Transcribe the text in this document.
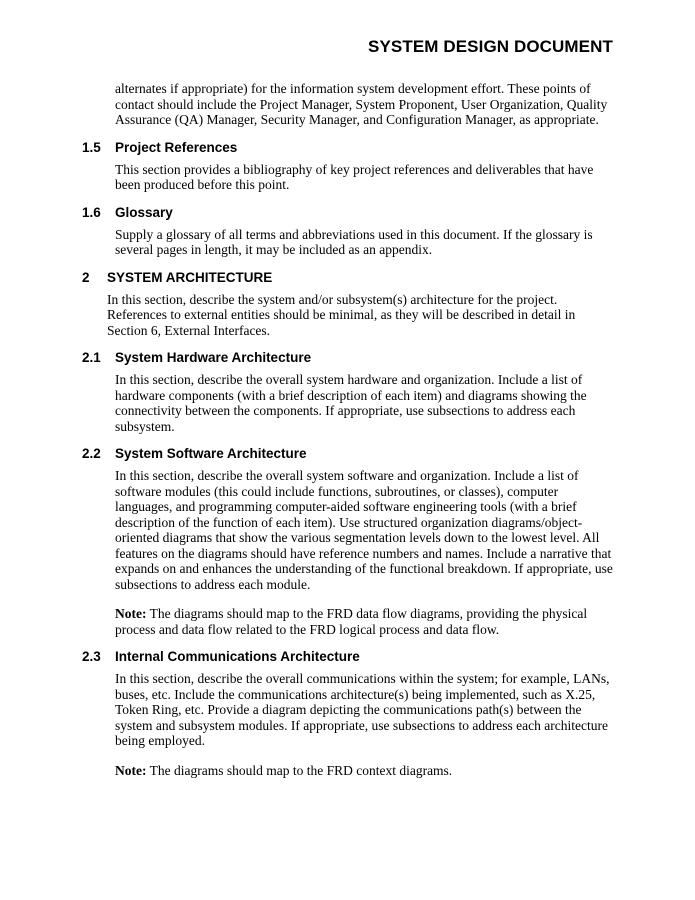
SYSTEM DESIGN DOCUMENT

alternates if appropriate) for the information system development effort. These points of contact should include the Project Manager, System Proponent, User Organization, Quality Assurance (QA) Manager, Security Manager, and Configuration Manager, as appropriate.

1.5	Project References

This section provides a bibliography of key project references and deliverables that have been produced before this point.

1.6	Glossary

Supply a glossary of all terms and abbreviations used in this document. If the glossary is several pages in length, it may be included as an appendix.

2	SYSTEM ARCHITECTURE

In this section, describe the system and/or subsystem(s) architecture for the project. References to external entities should be minimal, as they will be described in detail in Section 6, External Interfaces.

2.1	System Hardware Architecture

In this section, describe the overall system hardware and organization. Include a list of hardware components (with a brief description of each item) and diagrams showing the connectivity between the components. If appropriate, use subsections to address each subsystem.

2.2	System Software Architecture

In this section, describe the overall system software and organization. Include a list of software modules (this could include functions, subroutines, or classes), computer languages, and programming computer-aided software engineering tools (with a brief description of the function of each item). Use structured organization diagrams/object-oriented diagrams that show the various segmentation levels down to the lowest level. All features on the diagrams should have reference numbers and names. Include a narrative that expands on and enhances the understanding of the functional breakdown. If appropriate, use subsections to address each module.

Note: The diagrams should map to the FRD data flow diagrams, providing the physical process and data flow related to the FRD logical process and data flow.

2.3	Internal Communications Architecture

In this section, describe the overall communications within the system; for example, LANs, buses, etc. Include the communications architecture(s) being implemented, such as X.25, Token Ring, etc. Provide a diagram depicting the communications path(s) between the system and subsystem modules. If appropriate, use subsections to address each architecture being employed.

Note: The diagrams should map to the FRD context diagrams.
